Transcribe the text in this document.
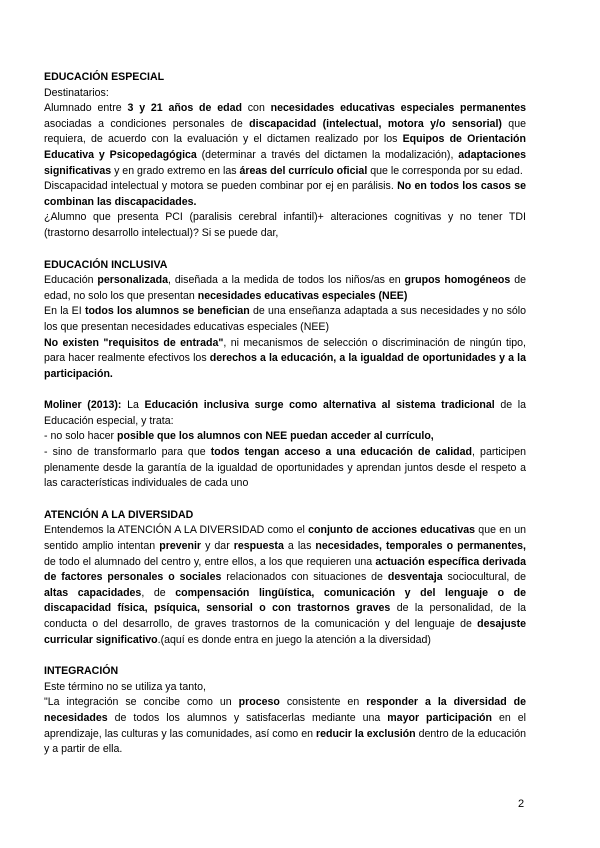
EDUCACIÓN ESPECIAL

Destinatarios:

Alumnado entre 3 y 21 años de edad con necesidades educativas especiales permanentes asociadas a condiciones personales de discapacidad (intelectual, motora y/o sensorial) que requiera, de acuerdo con la evaluación y el dictamen realizado por los Equipos de Orientación Educativa y Psicopedagógica (determinar a través del dictamen la modalización), adaptaciones significativas y en grado extremo en las áreas del currículo oficial que le corresponda por su edad.

Discapacidad intelectual y motora se pueden combinar por ej en parálisis. No en todos los casos se combinan las discapacidades.

¿Alumno que presenta PCI (paralisis cerebral infantil)+ alteraciones cognitivas y no tener TDI (trastorno desarrollo intelectual)? Si se puede dar,

EDUCACIÓN INCLUSIVA

Educación personalizada, diseñada a la medida de todos los niños/as en grupos homogéneos de edad, no solo los que presentan necesidades educativas especiales (NEE)

En la EI todos los alumnos se benefician de una enseñanza adaptada a sus necesidades y no sólo los que presentan necesidades educativas especiales (NEE)

No existen "requisitos de entrada", ni mecanismos de selección o discriminación de ningún tipo, para hacer realmente efectivos los derechos a la educación, a la igualdad de oportunidades y a la participación.

Moliner (2013): La Educación inclusiva surge como alternativa al sistema tradicional de la Educación especial, y trata:

- no solo hacer posible que los alumnos con NEE puedan acceder al currículo,

- sino de transformarlo para que todos tengan acceso a una educación de calidad, participen plenamente desde la garantía de la igualdad de oportunidades y aprendan juntos desde el respeto a las características individuales de cada uno

ATENCIÓN A LA DIVERSIDAD

Entendemos la ATENCIÓN A LA DIVERSIDAD como el conjunto de acciones educativas que en un sentido amplio intentan prevenir y dar respuesta a las necesidades, temporales o permanentes, de todo el alumnado del centro y, entre ellos, a los que requieren una actuación específica derivada de factores personales o sociales relacionados con situaciones de desventaja sociocultural, de altas capacidades, de compensación lingüística, comunicación y del lenguaje o de discapacidad física, psíquica, sensorial o con trastornos graves de la personalidad, de la conducta o del desarrollo, de graves trastornos de la comunicación y del lenguaje de desajuste curricular significativo.(aquí es donde entra en juego la atención a la diversidad)

INTEGRACIÓN

Este término no se utiliza ya tanto,

"La integración se concibe como un proceso consistente en responder a la diversidad de necesidades de todos los alumnos y satisfacerlas mediante una mayor participación en el aprendizaje, las culturas y las comunidades, así como en reducir la exclusión dentro de la educación y a partir de ella.

2
